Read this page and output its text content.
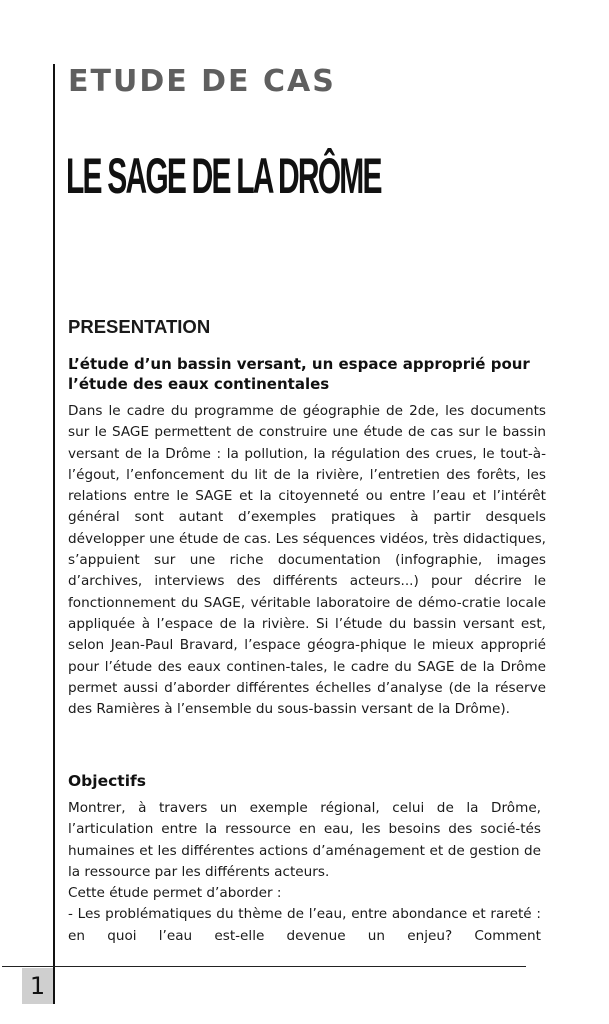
ETUDE DE CAS
LE SAGE DE LA DRÔME
PRESENTATION
L’étude d’un bassin versant, un espace approprié pour l’étude des eaux continentales

Dans le cadre du programme de géographie de 2de, les documents sur le SAGE permettent de construire une étude de cas sur le bassin versant de la Drôme : la pollution, la régulation des crues, le tout-à-l’égout, l’enfoncement du lit de la rivière, l’entretien des forêts, les relations entre le SAGE et la citoyenneté ou entre l’eau et l’intérêt général sont autant d’exemples pratiques à partir desquels développer une étude de cas. Les séquences vidéos, très didactiques, s’appuient sur une riche documentation (infographie, images d’archives, interviews des différents acteurs...) pour décrire le fonctionnement du SAGE, véritable laboratoire de démo-cratie locale appliquée à l’espace de la rivière. Si l’étude du bassin versant est, selon Jean-Paul Bravard, l’espace géogra-phique le mieux approprié pour l’étude des eaux continen-tales, le cadre du SAGE de la Drôme permet aussi d’aborder différentes échelles d’analyse (de la réserve des Ramières à l’ensemble du sous-bassin versant de la Drôme).

Objectifs

Montrer, à travers un exemple régional, celui de la Drôme, l’articulation entre la ressource en eau, les besoins des socié-tés humaines et les différentes actions d’aménagement et de gestion de la ressource par les différents acteurs.

Cette étude permet d’aborder :

- Les problématiques du thème de l’eau, entre abondance et rareté : en quoi l’eau est-elle devenue un enjeu? Comment

1
